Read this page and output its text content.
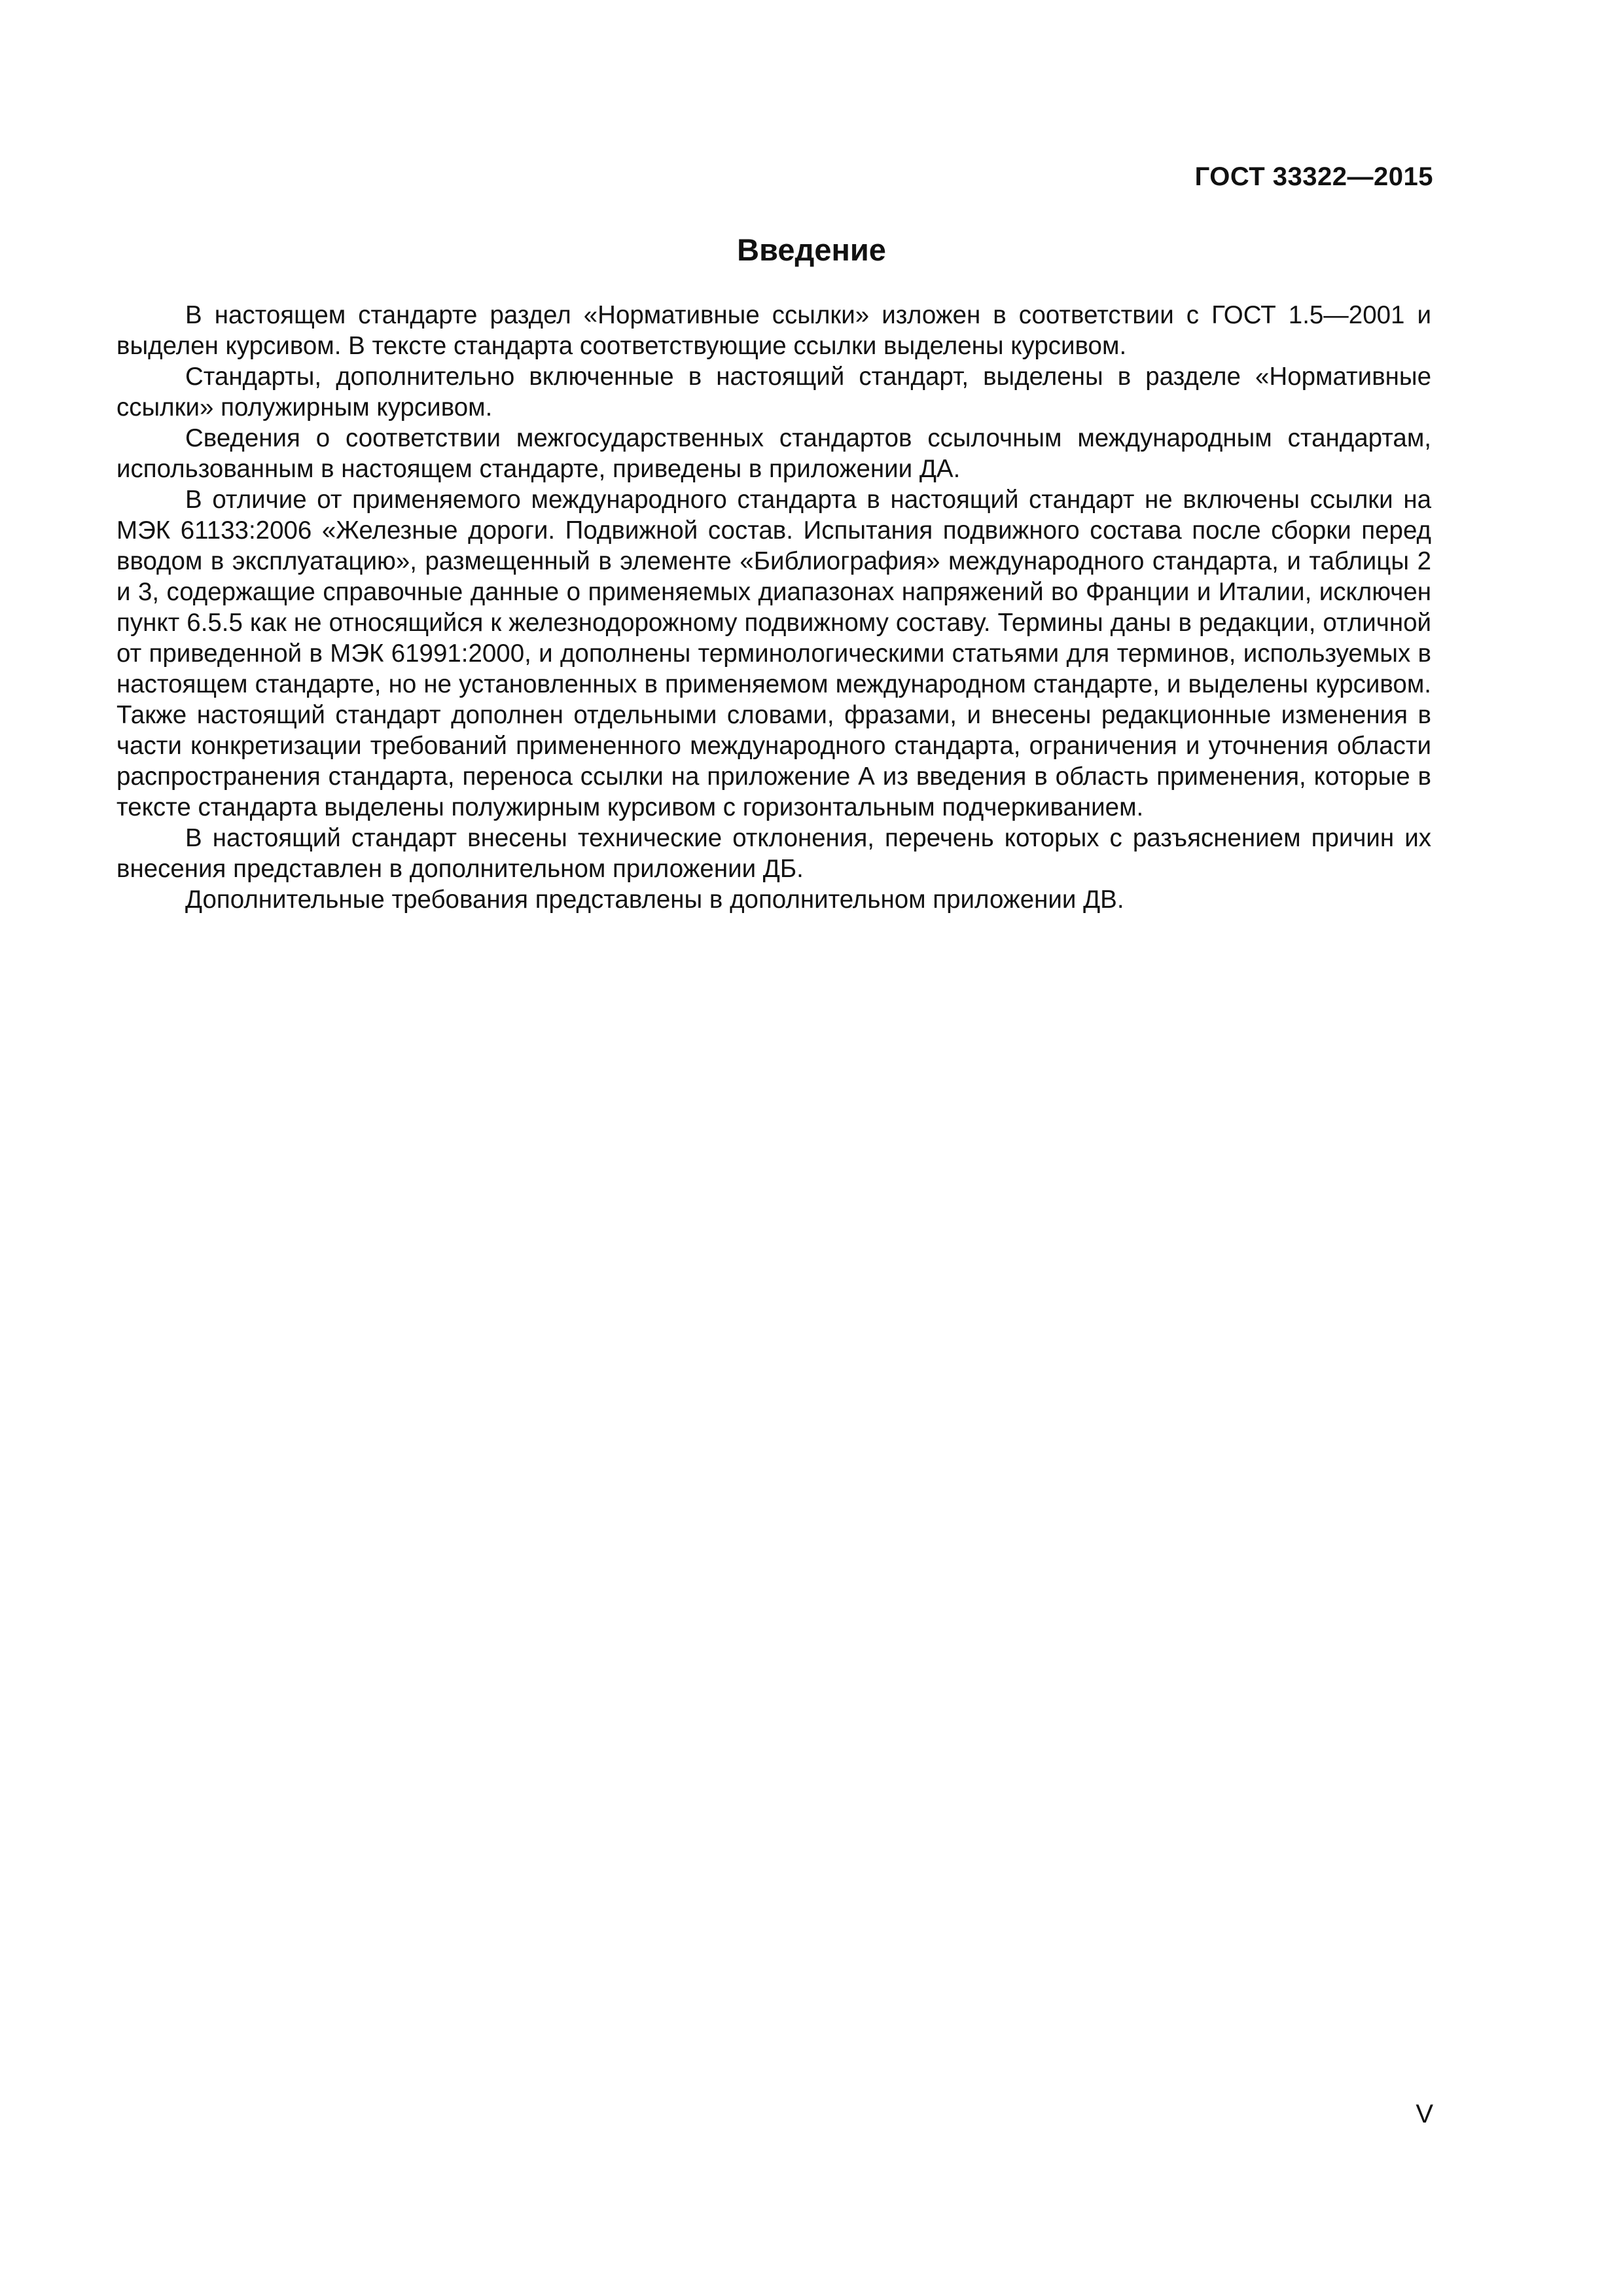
ГОСТ 33322—2015
Введение

В настоящем стандарте раздел «Нормативные ссылки» изложен в соответствии с ГОСТ 1.5—2001 и выделен курсивом. В тексте стандарта соответствующие ссылки выделены курсивом.

Стандарты, дополнительно включенные в настоящий стандарт, выделены в разделе «Нормативные ссылки» полужирным курсивом.

Сведения о соответствии межгосударственных стандартов ссылочным международным стандартам, использованным в настоящем стандарте, приведены в приложении ДА.

В отличие от применяемого международного стандарта в настоящий стандарт не включены ссылки на МЭК 61133:2006 «Железные дороги. Подвижной состав. Испытания подвижного состава после сборки перед вводом в эксплуатацию», размещенный в элементе «Библиография» международного стандарта, и таблицы 2 и 3, содержащие справочные данные о применяемых диапазонах напряжений во Франции и Италии, исключен пункт 6.5.5 как не относящийся к железнодорожному подвижному составу. Термины даны в редакции, отличной от приведенной в МЭК 61991:2000, и дополнены терминологическими статьями для терминов, используемых в настоящем стандарте, но не установленных в применяемом международном стандарте, и выделены курсивом. Также настоящий стандарт дополнен отдельными словами, фразами, и внесены редакционные изменения в части конкретизации требований примененного международного стандарта, ограничения и уточнения области распространения стандарта, переноса ссылки на приложение А из введения в область применения, которые в тексте стандарта выделены полужирным курсивом с горизонтальным подчеркиванием.

В настоящий стандарт внесены технические отклонения, перечень которых с разъяснением причин их внесения представлен в дополнительном приложении ДБ.

Дополнительные требования представлены в дополнительном приложении ДВ.

V
